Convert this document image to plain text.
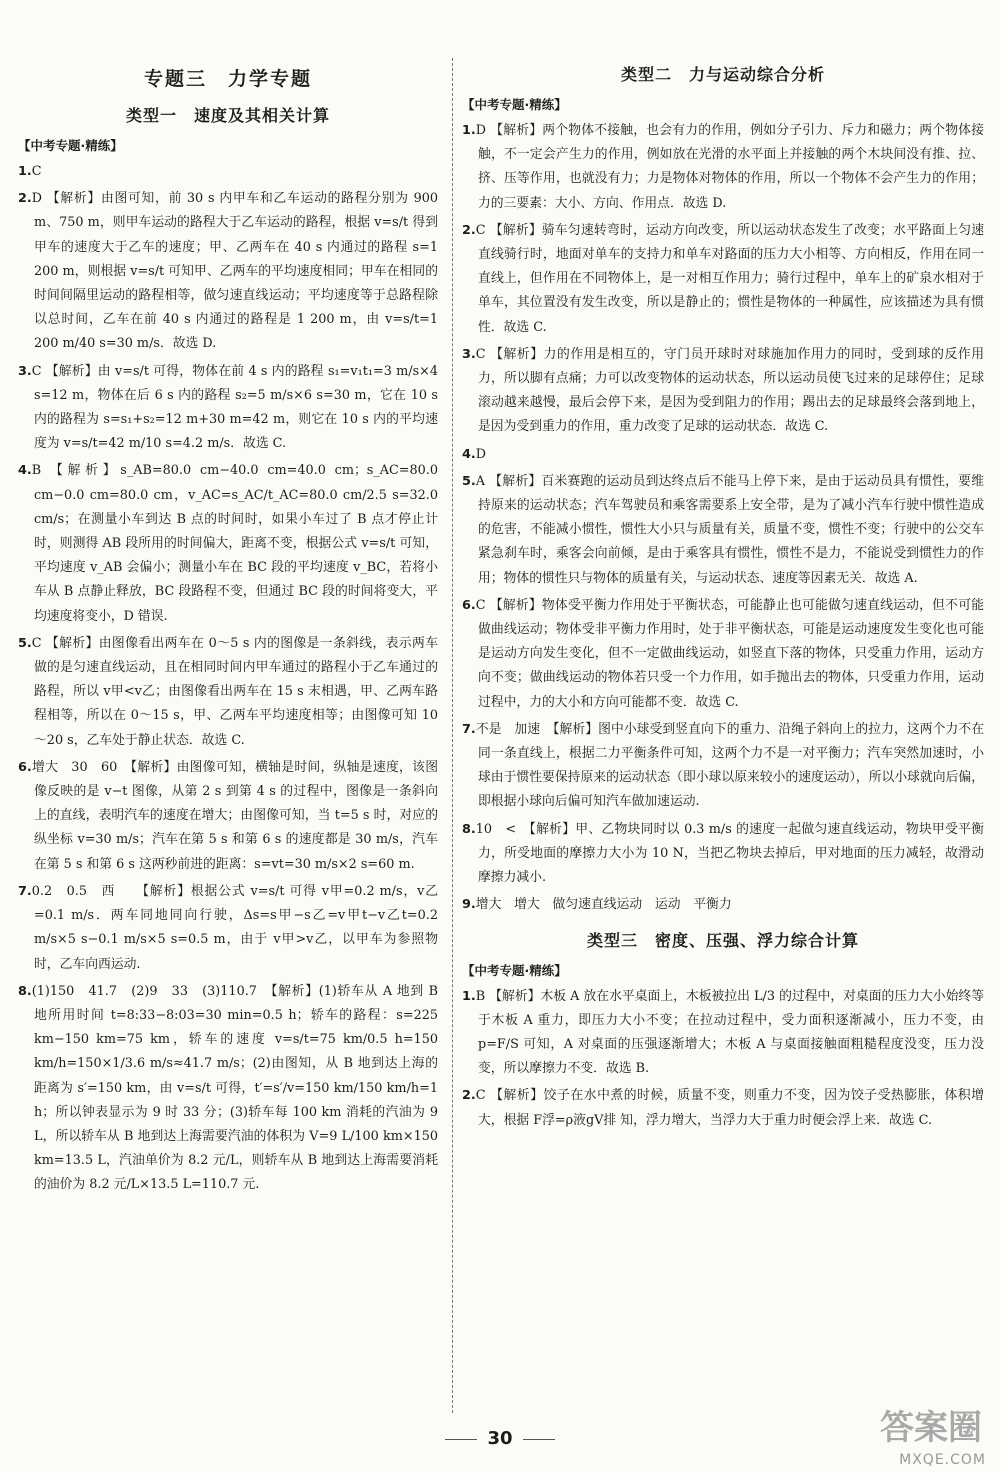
专题三　力学专题
类型一　速度及其相关计算
【中考专题·精练】
1.C
2.D 【解析】由图可知，前 30 s 内甲车和乙车运动的路程分别为 900 m、750 m，则甲车运动的路程大于乙车运动的路程，根据 v=s/t 得到甲车的速度大于乙车的速度；甲、乙两车在 40 s 内通过的路程 s=1 200 m，则根据 v=s/t 可知甲、乙两车的平均速度相同；甲车在相同的时间间隔里运动的路程相等，做匀速直线运动；平均速度等于总路程除以总时间，乙车在前 40 s 内通过的路程是 1 200 m，由 v=s/t=1 200 m/40 s=30 m/s．故选 D.
3.C 【解析】由 v=s/t 可得，物体在前 4 s 内的路程 s₁=v₁t₁=3 m/s×4 s=12 m，物体在后 6 s 内的路程 s₂=5 m/s×6 s=30 m，它在 10 s 内的路程为 s=s₁+s₂=12 m+30 m=42 m，则它在 10 s 内的平均速度为 v=s/t=42 m/10 s=4.2 m/s．故选 C.
4.B 【解析】s_AB=80.0 cm−40.0 cm=40.0 cm；s_AC=80.0 cm−0.0 cm=80.0 cm，v_AC=s_AC/t_AC=80.0 cm/2.5 s=32.0 cm/s；在测量小车到达 B 点的时间时，如果小车过了 B 点才停止计时，则测得 AB 段所用的时间偏大，距离不变，根据公式 v=s/t 可知，平均速度 v_AB 会偏小；测量小车在 BC 段的平均速度 v_BC，若将小车从 B 点静止释放，BC 段路程不变，但通过 BC 段的时间将变大，平均速度将变小，D 错误.
5.C 【解析】由图像看出两车在 0～5 s 内的图像是一条斜线，表示两车做的是匀速直线运动，且在相同时间内甲车通过的路程小于乙车通过的路程，所以 v甲<v乙；由图像看出两车在 15 s 末相遇，甲、乙两车路程相等，所以在 0～15 s，甲、乙两车平均速度相等；由图像可知 10～20 s，乙车处于静止状态．故选 C.
6.增大　30　60　【解析】由图像可知，横轴是时间，纵轴是速度，该图像反映的是 v−t 图像，从第 2 s 到第 4 s 的过程中，图像是一条斜向上的直线，表明汽车的速度在增大；由图像可知，当 t=5 s 时，对应的纵坐标 v=30 m/s；汽车在第 5 s 和第 6 s 的速度都是 30 m/s，汽车在第 5 s 和第 6 s 这两秒前进的距离：s=vt=30 m/s×2 s=60 m.
7.0.2　0.5　西　　【解析】根据公式 v=s/t 可得 v甲=0.2 m/s，v乙=0.1 m/s．两车同地同向行驶，Δs=s甲−s乙=v甲t−v乙t=0.2 m/s×5 s−0.1 m/s×5 s=0.5 m，由于 v甲>v乙，以甲车为参照物时，乙车向西运动.
8.(1)150　41.7　(2)9　33　(3)110.7　【解析】(1)轿车从 A 地到 B 地所用时间 t=8:33−8:03=30 min=0.5 h；轿车的路程：s=225 km−150 km=75 km，轿车的速度 v=s/t=75 km/0.5 h=150 km/h=150×1/3.6 m/s≈41.7 m/s；(2)由图知，从 B 地到达上海的距离为 s′=150 km，由 v=s/t 可得，t′=s′/v=150 km/150 km/h=1 h；所以钟表显示为 9 时 33 分；(3)轿车每 100 km 消耗的汽油为 9 L，所以轿车从 B 地到达上海需要汽油的体积为 V=9 L/100 km×150 km=13.5 L，汽油单价为 8.2 元/L，则轿车从 B 地到达上海需要消耗的油价为 8.2 元/L×13.5 L=110.7 元.
类型二　力与运动综合分析
【中考专题·精练】
1.D 【解析】两个物体不接触，也会有力的作用，例如分子引力、斥力和磁力；两个物体接触，不一定会产生力的作用，例如放在光滑的水平面上并接触的两个木块间没有推、拉、挤、压等作用，也就没有力；力是物体对物体的作用，所以一个物体不会产生力的作用；力的三要素：大小、方向、作用点．故选 D.
2.C 【解析】骑车匀速转弯时，运动方向改变，所以运动状态发生了改变；水平路面上匀速直线骑行时，地面对单车的支持力和单车对路面的压力大小相等、方向相反，作用在同一直线上，但作用在不同物体上，是一对相互作用力；骑行过程中，单车上的矿泉水相对于单车，其位置没有发生改变，所以是静止的；惯性是物体的一种属性，应该描述为具有惯性．故选 C.
3.C 【解析】力的作用是相互的，守门员开球时对球施加作用力的同时，受到球的反作用力，所以脚有点痛；力可以改变物体的运动状态，所以运动员使飞过来的足球停住；足球滚动越来越慢，最后会停下来，是因为受到阻力的作用；踢出去的足球最终会落到地上，是因为受到重力的作用，重力改变了足球的运动状态．故选 C.
4.D
5.A 【解析】百米赛跑的运动员到达终点后不能马上停下来，是由于运动员具有惯性，要维持原来的运动状态；汽车驾驶员和乘客需要系上安全带，是为了减小汽车行驶中惯性造成的危害，不能减小惯性，惯性大小只与质量有关，质量不变，惯性不变；行驶中的公交车紧急刹车时，乘客会向前倾，是由于乘客具有惯性，惯性不是力，不能说受到惯性力的作用；物体的惯性只与物体的质量有关，与运动状态、速度等因素无关．故选 A.
6.C 【解析】物体受平衡力作用处于平衡状态，可能静止也可能做匀速直线运动，但不可能做曲线运动；物体受非平衡力作用时，处于非平衡状态，可能是运动速度发生变化也可能是运动方向发生变化，但不一定做曲线运动，如竖直下落的物体，只受重力作用，运动方向不变；做曲线运动的物体若只受一个力作用，如手抛出去的物体，只受重力作用，运动过程中，力的大小和方向可能都不变．故选 C.
7.不是　加速　【解析】图中小球受到竖直向下的重力、沿绳子斜向上的拉力，这两个力不在同一条直线上，根据二力平衡条件可知，这两个力不是一对平衡力；汽车突然加速时，小球由于惯性要保持原来的运动状态（即小球以原来较小的速度运动），所以小球就向后偏，即根据小球向后偏可知汽车做加速运动.
8.10　<　【解析】甲、乙物块同时以 0.3 m/s 的速度一起做匀速直线运动，物块甲受平衡力，所受地面的摩擦力大小为 10 N，当把乙物块去掉后，甲对地面的压力减轻，故滑动摩擦力减小.
9.增大　增大　做匀速直线运动　运动　平衡力
类型三　密度、压强、浮力综合计算
【中考专题·精练】
1.B 【解析】木板 A 放在水平桌面上，木板被拉出 L/3 的过程中，对桌面的压力大小始终等于木板 A 重力，即压力大小不变；在拉动过程中，受力面积逐渐减小，压力不变，由 p=F/S 可知，A 对桌面的压强逐渐增大；木板 A 与桌面接触面粗糙程度没变，压力没变，所以摩擦力不变．故选 B.
2.C 【解析】饺子在水中煮的时候，质量不变，则重力不变，因为饺子受热膨胀，体积增大，根据 F浮=ρ液gV排 知，浮力增大，当浮力大于重力时便会浮上来．故选 C.
30	答案圈
MXQE.COM
